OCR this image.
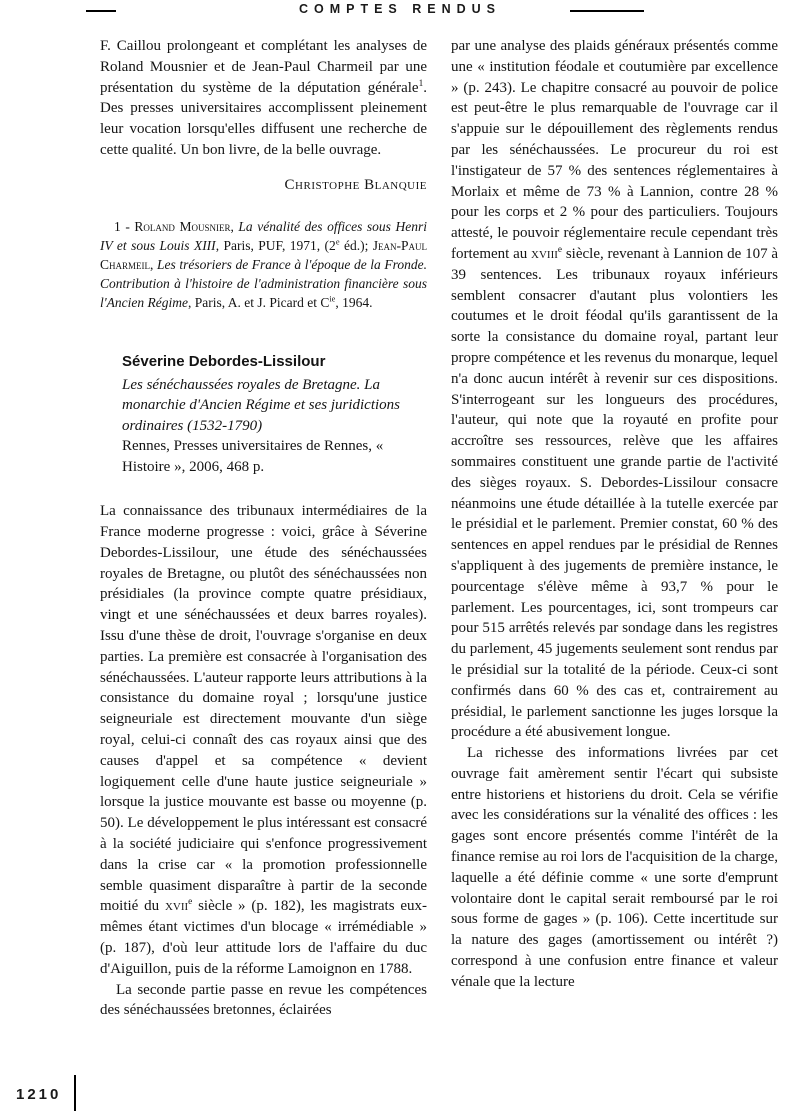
COMPTES RENDUS

F. Caillou prolongeant et complétant les analyses de Roland Mousnier et de Jean-Paul Charmeil par une présentation du système de la députation générale$^1$. Des presses universitaires accomplissent pleinement leur vocation lorsqu'elles diffusent une recherche de cette qualité. Un bon livre, de la belle ouvrage.

Christophe Blanquie

1 - Roland Mousnier, La vénalité des offices sous Henri IV et sous Louis XIII, Paris, PUF, 1971, (2e éd.); Jean-Paul Charmeil, Les trésoriers de France à l'époque de la Fronde. Contribution à l'histoire de l'administration financière sous l'Ancien Régime, Paris, A. et J. Picard et $C^{ie}$, 1964.

Séverine Debordes-Lissilour

Les sénéchaussées royales de Bretagne. La monarchie d'Ancien Régime et ses juridictions ordinaires (1532-1790)

Rennes, Presses universitaires de Rennes, « Histoire », 2006, 468 p.

La connaissance des tribunaux intermédiaires de la France moderne progresse : voici, grâce à Séverine Debordes-Lissilour, une étude des sénéchaussées royales de Bretagne, ou plutôt des sénéchaussées non présidiales (la province compte quatre présidiaux, vingt et une sénéchaussées et deux barres royales). Issu d'une thèse de droit, l'ouvrage s'organise en deux parties. La première est consacrée à l'organisation des sénéchaussées. L'auteur rapporte leurs attributions à la consistance du domaine royal ; lorsqu'une justice seigneuriale est directement mouvante d'un siège royal, celui-ci connaît des cas royaux ainsi que des causes d'appel et sa compétence « devient logiquement celle d'une haute justice seigneuriale » lorsque la justice mouvante est basse ou moyenne (p. 50). Le développement le plus intéressant est consacré à la société judiciaire qui s'enfonce progressivement dans la crise car « la promotion professionnelle semble quasiment disparaître à partir de la seconde moitié du xvii$^e$ siècle » (p. 182), les magistrats eux-mêmes étant victimes d'un blocage « irrémédiable » (p. 187), d'où leur attitude lors de l'affaire du duc d'Aiguillon, puis de la réforme Lamoignon en 1788.

La seconde partie passe en revue les compétences des sénéchaussées bretonnes, éclairées

par une analyse des plaids généraux présentés comme une « institution féodale et coutumière par excellence » (p. 243). Le chapitre consacré au pouvoir de police est peut-être le plus remarquable de l'ouvrage car il s'appuie sur le dépouillement des règlements rendus par les sénéchaussées. Le procureur du roi est l'instigateur de 57 % des sentences réglementaires à Morlaix et même de 73 % à Lannion, contre 28 % pour les corps et 2 % pour des particuliers. Toujours attesté, le pouvoir réglementaire recule cependant très fortement au xviii$^e$ siècle, revenant à Lannion de 107 à 39 sentences. Les tribunaux royaux inférieurs semblent consacrer d'autant plus volontiers les coutumes et le droit féodal qu'ils garantissent de la sorte la consistance du domaine royal, partant leur propre compétence et les revenus du monarque, lequel n'a donc aucun intérêt à revenir sur ces dispositions. S'interrogeant sur les longueurs des procédures, l'auteur, qui note que la royauté en profite pour accroître ses ressources, relève que les affaires sommaires constituent une grande partie de l'activité des sièges royaux. S. Debordes-Lissilour consacre néanmoins une étude détaillée à la tutelle exercée par le présidial et le parlement. Premier constat, 60 % des sentences en appel rendues par le présidial de Rennes s'appliquent à des jugements de première instance, le pourcentage s'élève même à 93,7 % pour le parlement. Les pourcentages, ici, sont trompeurs car pour 515 arrêtés relevés par sondage dans les registres du parlement, 45 jugements seulement sont rendus par le présidial sur la totalité de la période. Ceux-ci sont confirmés dans 60 % des cas et, contrairement au présidial, le parlement sanctionne les juges lorsque la procédure a été abusivement longue.

La richesse des informations livrées par cet ouvrage fait amèrement sentir l'écart qui subsiste entre historiens et historiens du droit. Cela se vérifie avec les considérations sur la vénalité des offices : les gages sont encore présentés comme l'intérêt de la finance remise au roi lors de l'acquisition de la charge, laquelle a été définie comme « une sorte d'emprunt volontaire dont le capital serait remboursé par le roi sous forme de gages » (p. 106). Cette incertitude sur la nature des gages (amortissement ou intérêt ?) correspond à une confusion entre finance et valeur vénale que la lecture

1210
